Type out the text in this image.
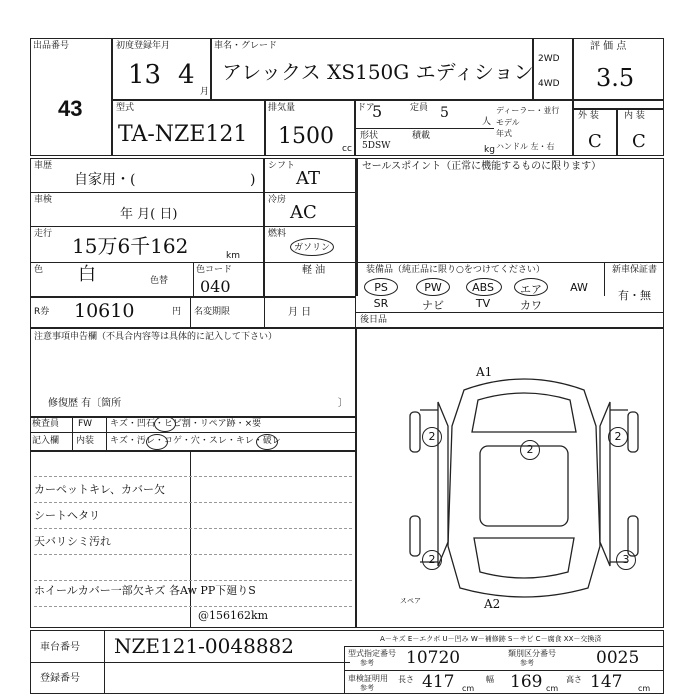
出品番号
43
初度登録年月
13 4
月
車名・グレード
アレックス XS150G エディション
2WD
4WD
評 価 点
3.5
型式
TA-NZE121
排気量
1500 cc
ドア
5	定員 5
人
ディーラー・並行
モデル
年式
形状
5DSW
積載
kg ハンドル 左・右
外 装	内 装
C C
車歴
自家用・(	)
車検
年 月( 日)
走行 15万6千162	km
色 白	色替
色コード
040
R券 10610	円 名変期限	月 日
注意事項申告欄（不具合内容等は具体的に記入して下さい）
修復歴 有〔箇所	〕
検査員
記入欄
FW キズ・凹石・ヒビ割・リペア跡・×要
内装 キズ・汚レ・コゲ・穴・スレ・キレ・破レ
カーペットキレ、カバー欠
シートヘタリ
天バリシミ汚れ
ホイールカバー一部欠キズ 各Aw PP下廻りS
@156162km
シフト
AT
冷房
AC
燃料
ガソリン
軽 油
セールスポイント（正常に機能するものに限ります）
装備品（純正品に限り○をつけてください）	新車保証書
有・無
PS	PW	ABS	エア	AW
SR	ナビ	TV	カワ
後日品
2	2
2
2	3
A1
A2
スペア
A－キズ E－エクボ U－凹み W－補修跡 S－サビ C－腐食 XX－交換済
車台番号 NZE121-0048882
登録番号
型式指定番号
参考 10720	類別区分番号
参考	0025
車検証明用
参考
長さ 417 cm
幅 169 cm
高さ 147 cm
